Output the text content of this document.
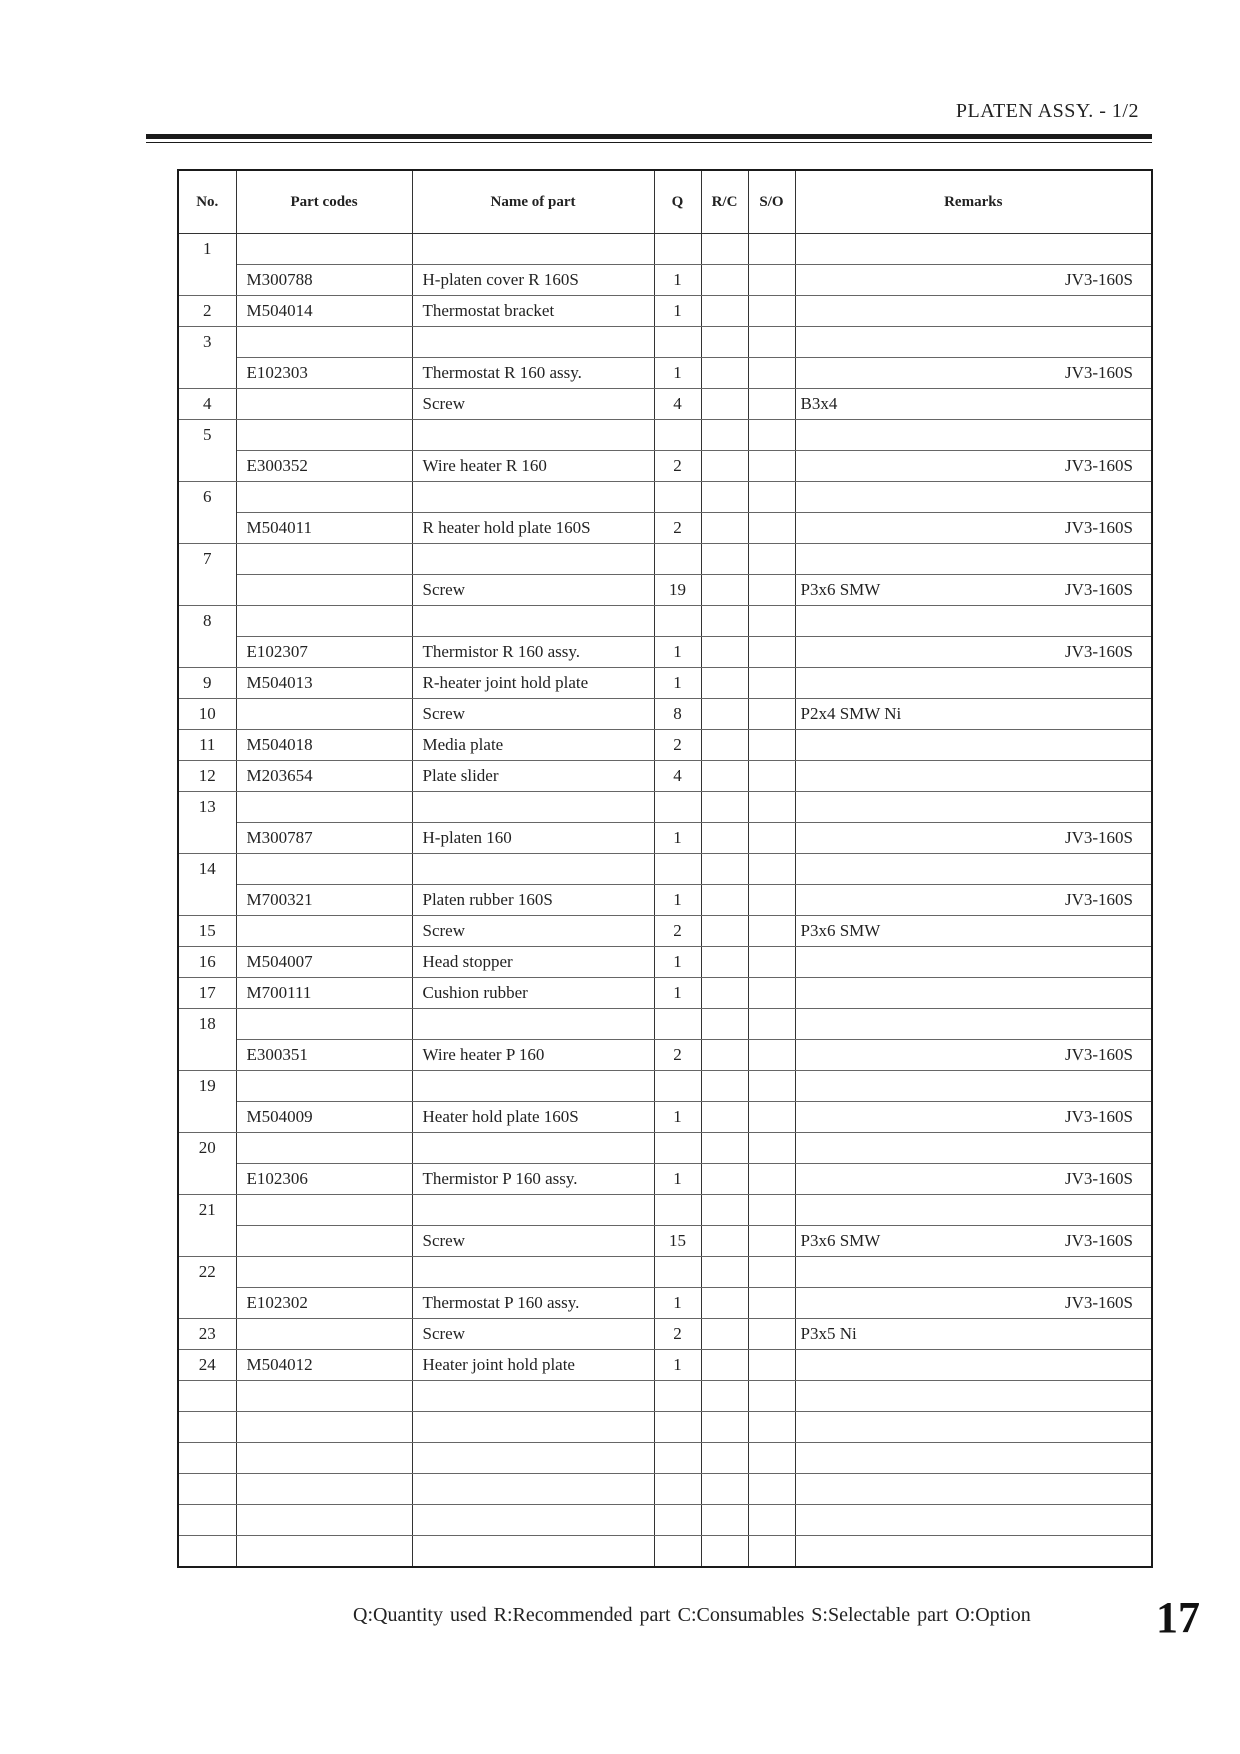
PLATEN ASSY. - 1/2
No.	Part codes	Name of part	Q	R/C	S/O	Remarks
1						

	M300788	H-platen cover R 160S	1			JV3-160S

2	M504014	Thermostat bracket	1			

3						

	E102303	Thermostat R 160 assy.	1			JV3-160S

4		Screw	4			B3x4

5						

	E300352	Wire heater R 160	2			JV3-160S

6						

	M504011	R heater hold plate 160S	2			JV3-160S

7						

		Screw	19			P3x6 SMW JV3-160S

8						

	E102307	Thermistor R 160 assy.	1			JV3-160S

9	M504013	R-heater joint hold plate	1			

10		Screw	8			P2x4 SMW Ni

11	M504018	Media plate	2			

12	M203654	Plate slider	4			

13						

	M300787	H-platen 160	1			JV3-160S

14						

	M700321	Platen rubber 160S	1			JV3-160S

15		Screw	2			P3x6 SMW

16	M504007	Head stopper	1			

17	M700111	Cushion rubber	1			

18						

	E300351	Wire heater P 160	2			JV3-160S

19						

	M504009	Heater hold plate 160S	1			JV3-160S

20						

	E102306	Thermistor P 160 assy.	1			JV3-160S

21						

		Screw	15			P3x6 SMW JV3-160S

22						

	E102302	Thermostat P 160 assy.	1			JV3-160S

23		Screw	2			P3x5 Ni

24	M504012	Heater joint hold plate	1			

Q:Quantity used R:Recommended part C:Consumables S:Selectable part O:Option	17
